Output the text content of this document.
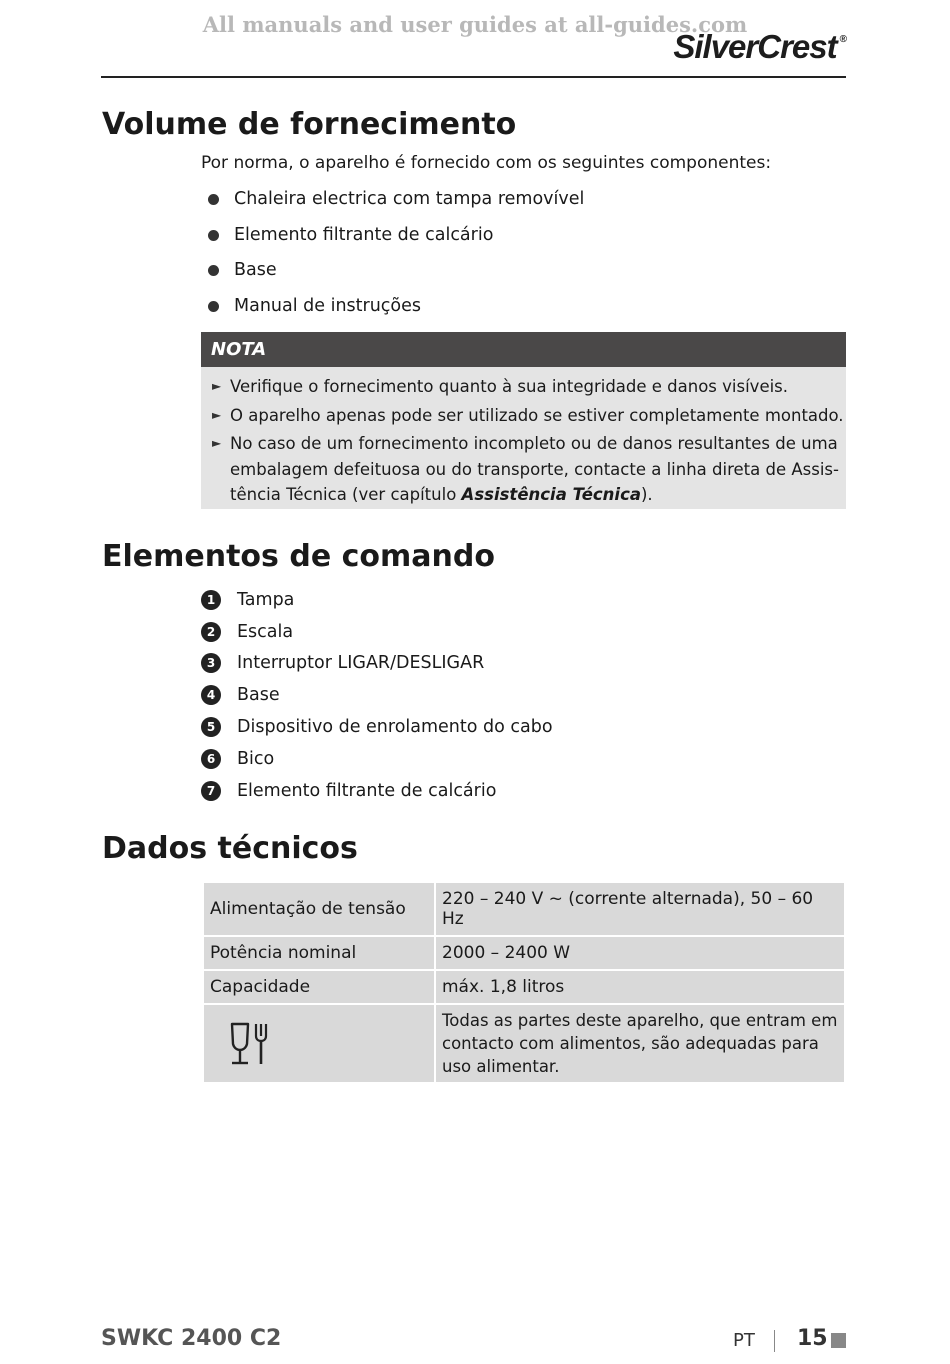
All manuals and user guides at all-guides.com
SilverCrest ®
Volume de fornecimento
Por norma, o aparelho é fornecido com os seguintes componentes:
Chaleira electrica com tampa removível
Elemento filtrante de calcário
Base
Manual de instruções
NOTA
► Verifique o fornecimento quanto à sua integridade e danos visíveis.
► O aparelho apenas pode ser utilizado se estiver completamente montado.
► No caso de um fornecimento incompleto ou de danos resultantes de uma embalagem defeituosa ou do transporte, contacte a linha direta de Assis-tência Técnica (ver capítulo Assistência Técnica).
Elementos de comando
1	Tampa
2	Escala
3	Interruptor LIGAR/DESLIGAR
4	Base
5	Dispositivo de enrolamento do cabo
6	Bico
7	Elemento filtrante de calcário
Dados técnicos
Alimentação de tensão	220 – 240 V ~ (corrente alternada), 50 – 60 Hz
Potência nominal	2000 – 2400 W
Capacidade	máx. 1,8 litros

	Todas as partes deste aparelho, que entram em contacto com alimentos, são adequadas para uso alimentar.
SWKC 2400 C2	PT 15
